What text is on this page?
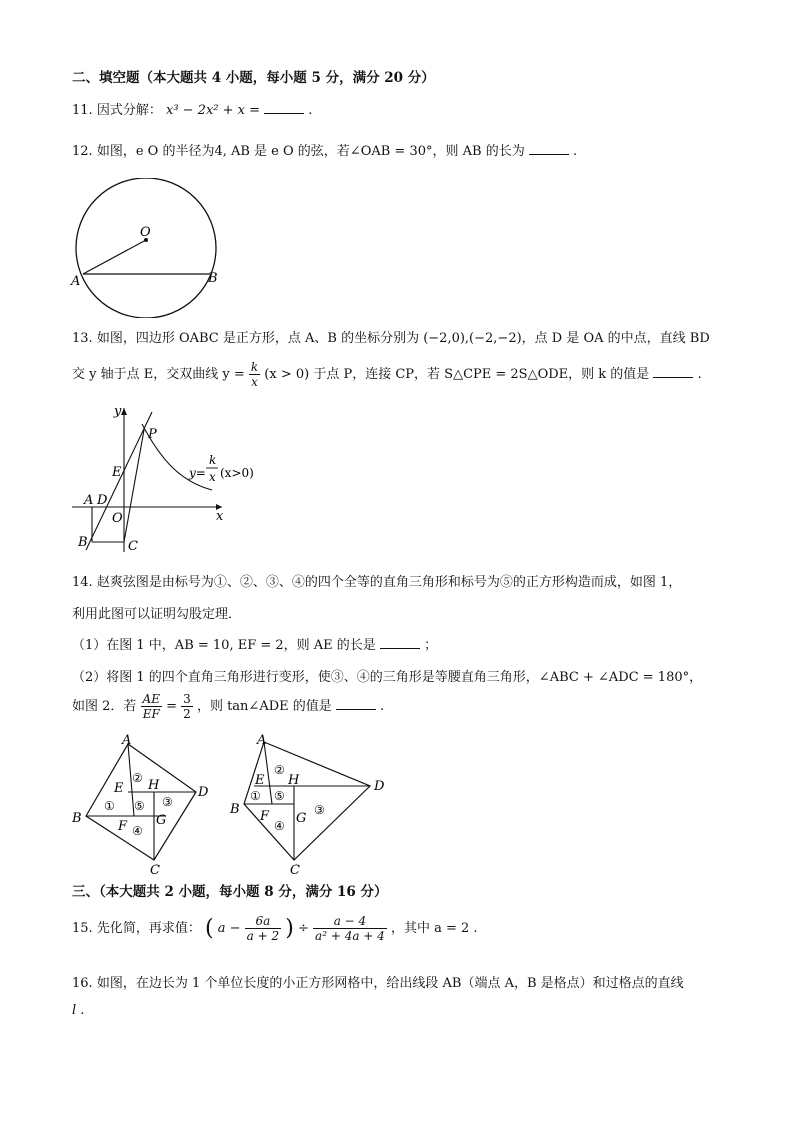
二、填空题（本大题共 4 小题，每小题 5 分，满分 20 分）
11. 因式分解： x³ − 2x² + x =	.
12. 如图，e O 的半径为4, AB 是 e O 的弦，若∠OAB = 30°，则 AB 的长为	.
O
A	B
13. 如图，四边形 OABC 是正方形，点 A、B 的坐标分别为 (−2,0),(−2,−2)，点 D 是 OA 的中点，直线 BD
交 y 轴于点 E，交双曲线 $y = \frac{k}{x} (x > 0)$ 于点 P，连接 CP，若 S△CPE = 2S△ODE，则 k 的值是	.
y
x
P
E
A D
O
B	C
y=
k
x (x>0)
14. 赵爽弦图是由标号为①、②、③、④的四个全等的直角三角形和标号为⑤的正方形构造而成，如图 1，
利用此图可以证明勾股定理．
（1）在图 1 中，AB = 10, EF = 2，则 AE 的长是	；
（2）将图 1 的四个直角三角形进行变形，使③、④的三角形是等腰直角三角形，∠ABC + ∠ADC = 180°，
如图 2．若 $\frac{AE}{EF} = \frac{3}{2}$ ，则 tan∠ADE 的值是	.
A
B
C
D
E
F G
H
②
① ⑤ ③
④
A
B
C
D
E
F G
H
②
① ⑤
③
④
三、（本大题共 2 小题，每小题 8 分，满分 16 分）
15. 先化简，再求值： ( $a - \frac{6a}{a + 2}$ ) ÷ $\frac{a - 4}{\text{a² + 4a + 4}}$ ，其中 a = 2 .
16. 如图，在边长为 1 个单位长度的小正方形网格中，给出线段 AB（端点 A，B 是格点）和过格点的直线
l .
